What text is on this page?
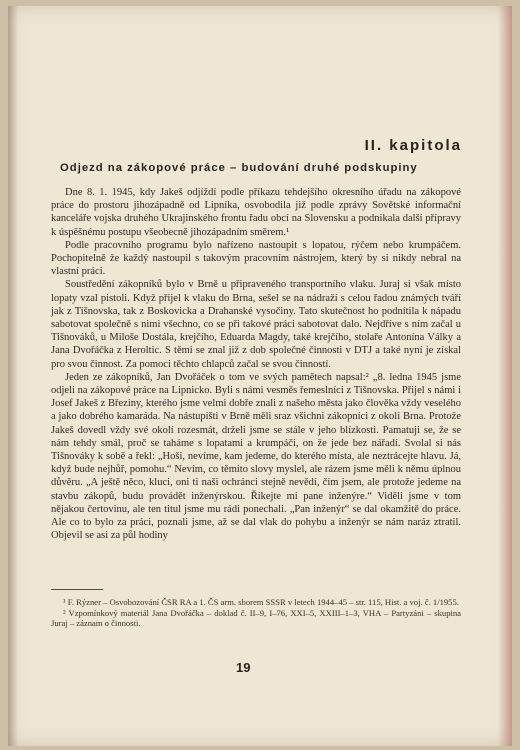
II. kapitola
Odjezd na zákopové práce – budování druhé podskupiny

Dne 8. 1. 1945, kdy Jakeš odjíždí podle příkazu tehdejšího okresního úřadu na zákopové práce do prostoru jihozápadně od Lipníka, osvobodila již podle zprávy Sovětské informační kanceláře vojska druhého Ukrajinského frontu řadu obcí na Slovensku a podnikala další přípravy k úspěšnému postupu všeobecně jihozápadním směrem.¹

Podle pracovního programu bylo nařízeno nastoupit s lopatou, rýčem nebo krumpáčem. Pochopitelně že každý nastoupil s takovým pracovním nástrojem, který by si nikdy nebral na vlastní práci.

Soustředění zákopníků bylo v Brně u připraveného transportního vlaku. Juraj si však místo lopaty vzal pistoli. Když přijel k vlaku do Brna, sešel se na nádraží s celou řadou známých tváří jak z Tišnovska, tak z Boskovicka a Drahanské vysočiny. Tato skutečnost ho podnítila k nápadu sabotovat společně s nimi všechno, co se při takové práci sabotovat dalo. Nejdříve s ním začal u Tišnováků, u Miloše Dostála, krejčího, Eduarda Magdy, také krejčího, stolaře Antonína Války a Jana Dvořáčka z Heroltic. S těmi se znal již z dob společné činnosti v DTJ a také nyní je získal pro svou činnost. Za pomoci těchto chlapců začal se svou činností.

Jeden ze zákopníků, Jan Dvořáček o tom ve svých pamětech napsal:² „8. ledna 1945 jsme odjeli na zákopové práce na Lipnicko. Byli s námi vesměs řemeslníci z Tišnovska. Přijel s námi i Josef Jakeš z Březiny, kterého jsme velmi dobře znali z našeho města jako člověka vždy veselého a jako dobrého kamaráda. Na nástupišti v Brně měli sraz všichni zákopníci z okolí Brna. Protože Jakeš dovedl vždy své okolí rozesmát, drželi jsme se stále v jeho blízkosti. Pamatuji se, že se nám tehdy smál, proč se taháme s lopatami a krumpáči, on že jede bez nářadí. Svolal si nás Tišnováky k sobě a řekl: „Hoši, nevíme, kam jedeme, do kterého místa, ale neztrácejte hlavu. Já, když bude nejhůř, pomohu.“ Nevím, co těmito slovy myslel, ale rázem jsme měli k němu úplnou důvěru. „A ještě něco, kluci, oni ti naši ochránci stejně nevědí, čím jsem, ale protože jedeme na stavbu zákopů, budu provádět inženýrskou. Říkejte mi pane inženýre.“ Viděli jsme v tom nějakou čertovinu, ale ten titul jsme mu rádi ponechali. „Pan inženýr“ se dal okamžitě do práce. Ale co to bylo za práci, poznali jsme, až se dal vlak do pohybu a inženýr se nám naráz ztratil. Objevil se asi za půl hodiny

¹ F. Rýzner – Osvobozování ČSR RA a 1. ČS arm. sborem SSSR v letech 1944–45 – str. 115, Hist. a voj. č. 1/1955.

² Vzpomínkový materiál Jana Dvořáčka – doklad č. II–9, I–76, XXI–5, XXIII–1–3, VHA – Partyzáni – skupina Juraj – záznam o činnosti.

19
